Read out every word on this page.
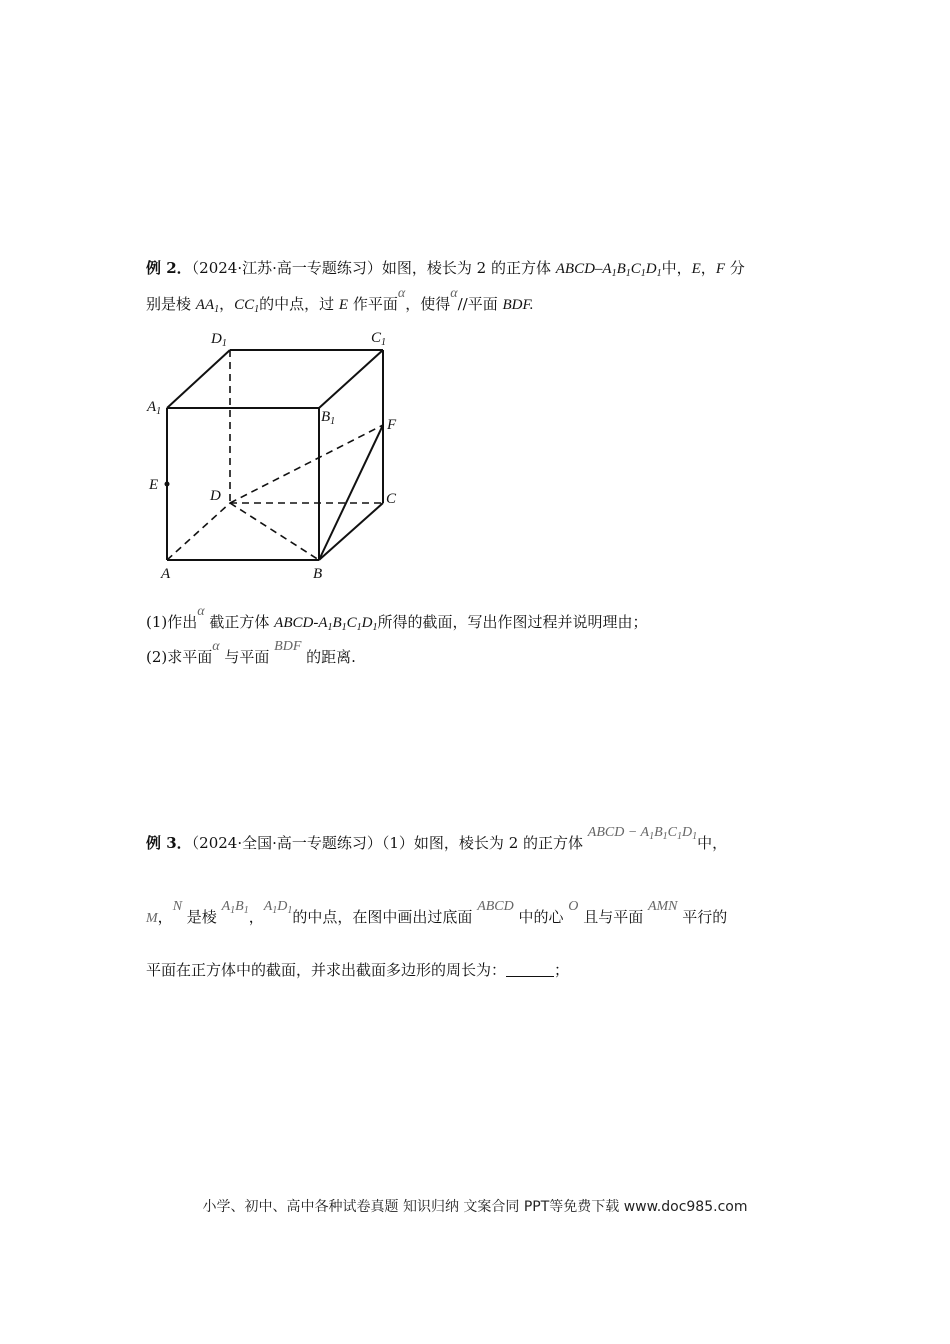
例 2．（2024·江苏·高一专题练习）如图，棱长为 2 的正方体 ABCD–$A_1B_1C_1D_1$中，E，F 分
别是棱 $AA_1$，$CC_1$的中点，过 E 作平面α，使得α//平面 BDF.
$D_1$	$C_1$
$A_1$	$B_1$	F
E
D	C
A	B
(1)作出α 截正方体 ABCD-$A_1B_1C_1D_1$所得的截面，写出作图过程并说明理由；
(2)求平面α 与平面 BDF 的距离.
例 3．（2024·全国·高一专题练习）（1）如图，棱长为 2 的正方体 ABCD − $A_1B_1C_1D_1$中，
M，N 是棱 $A_1B_1$，$A_1D_1$的中点，在图中画出过底面 ABCD 中的心 O 且与平面 AMN 平行的
平面在正方体中的截面，并求出截面多边形的周长为：	；
小学、初中、高中各种试卷真题 知识归纳 文案合同 PPT等免费下载 www.doc985.com
